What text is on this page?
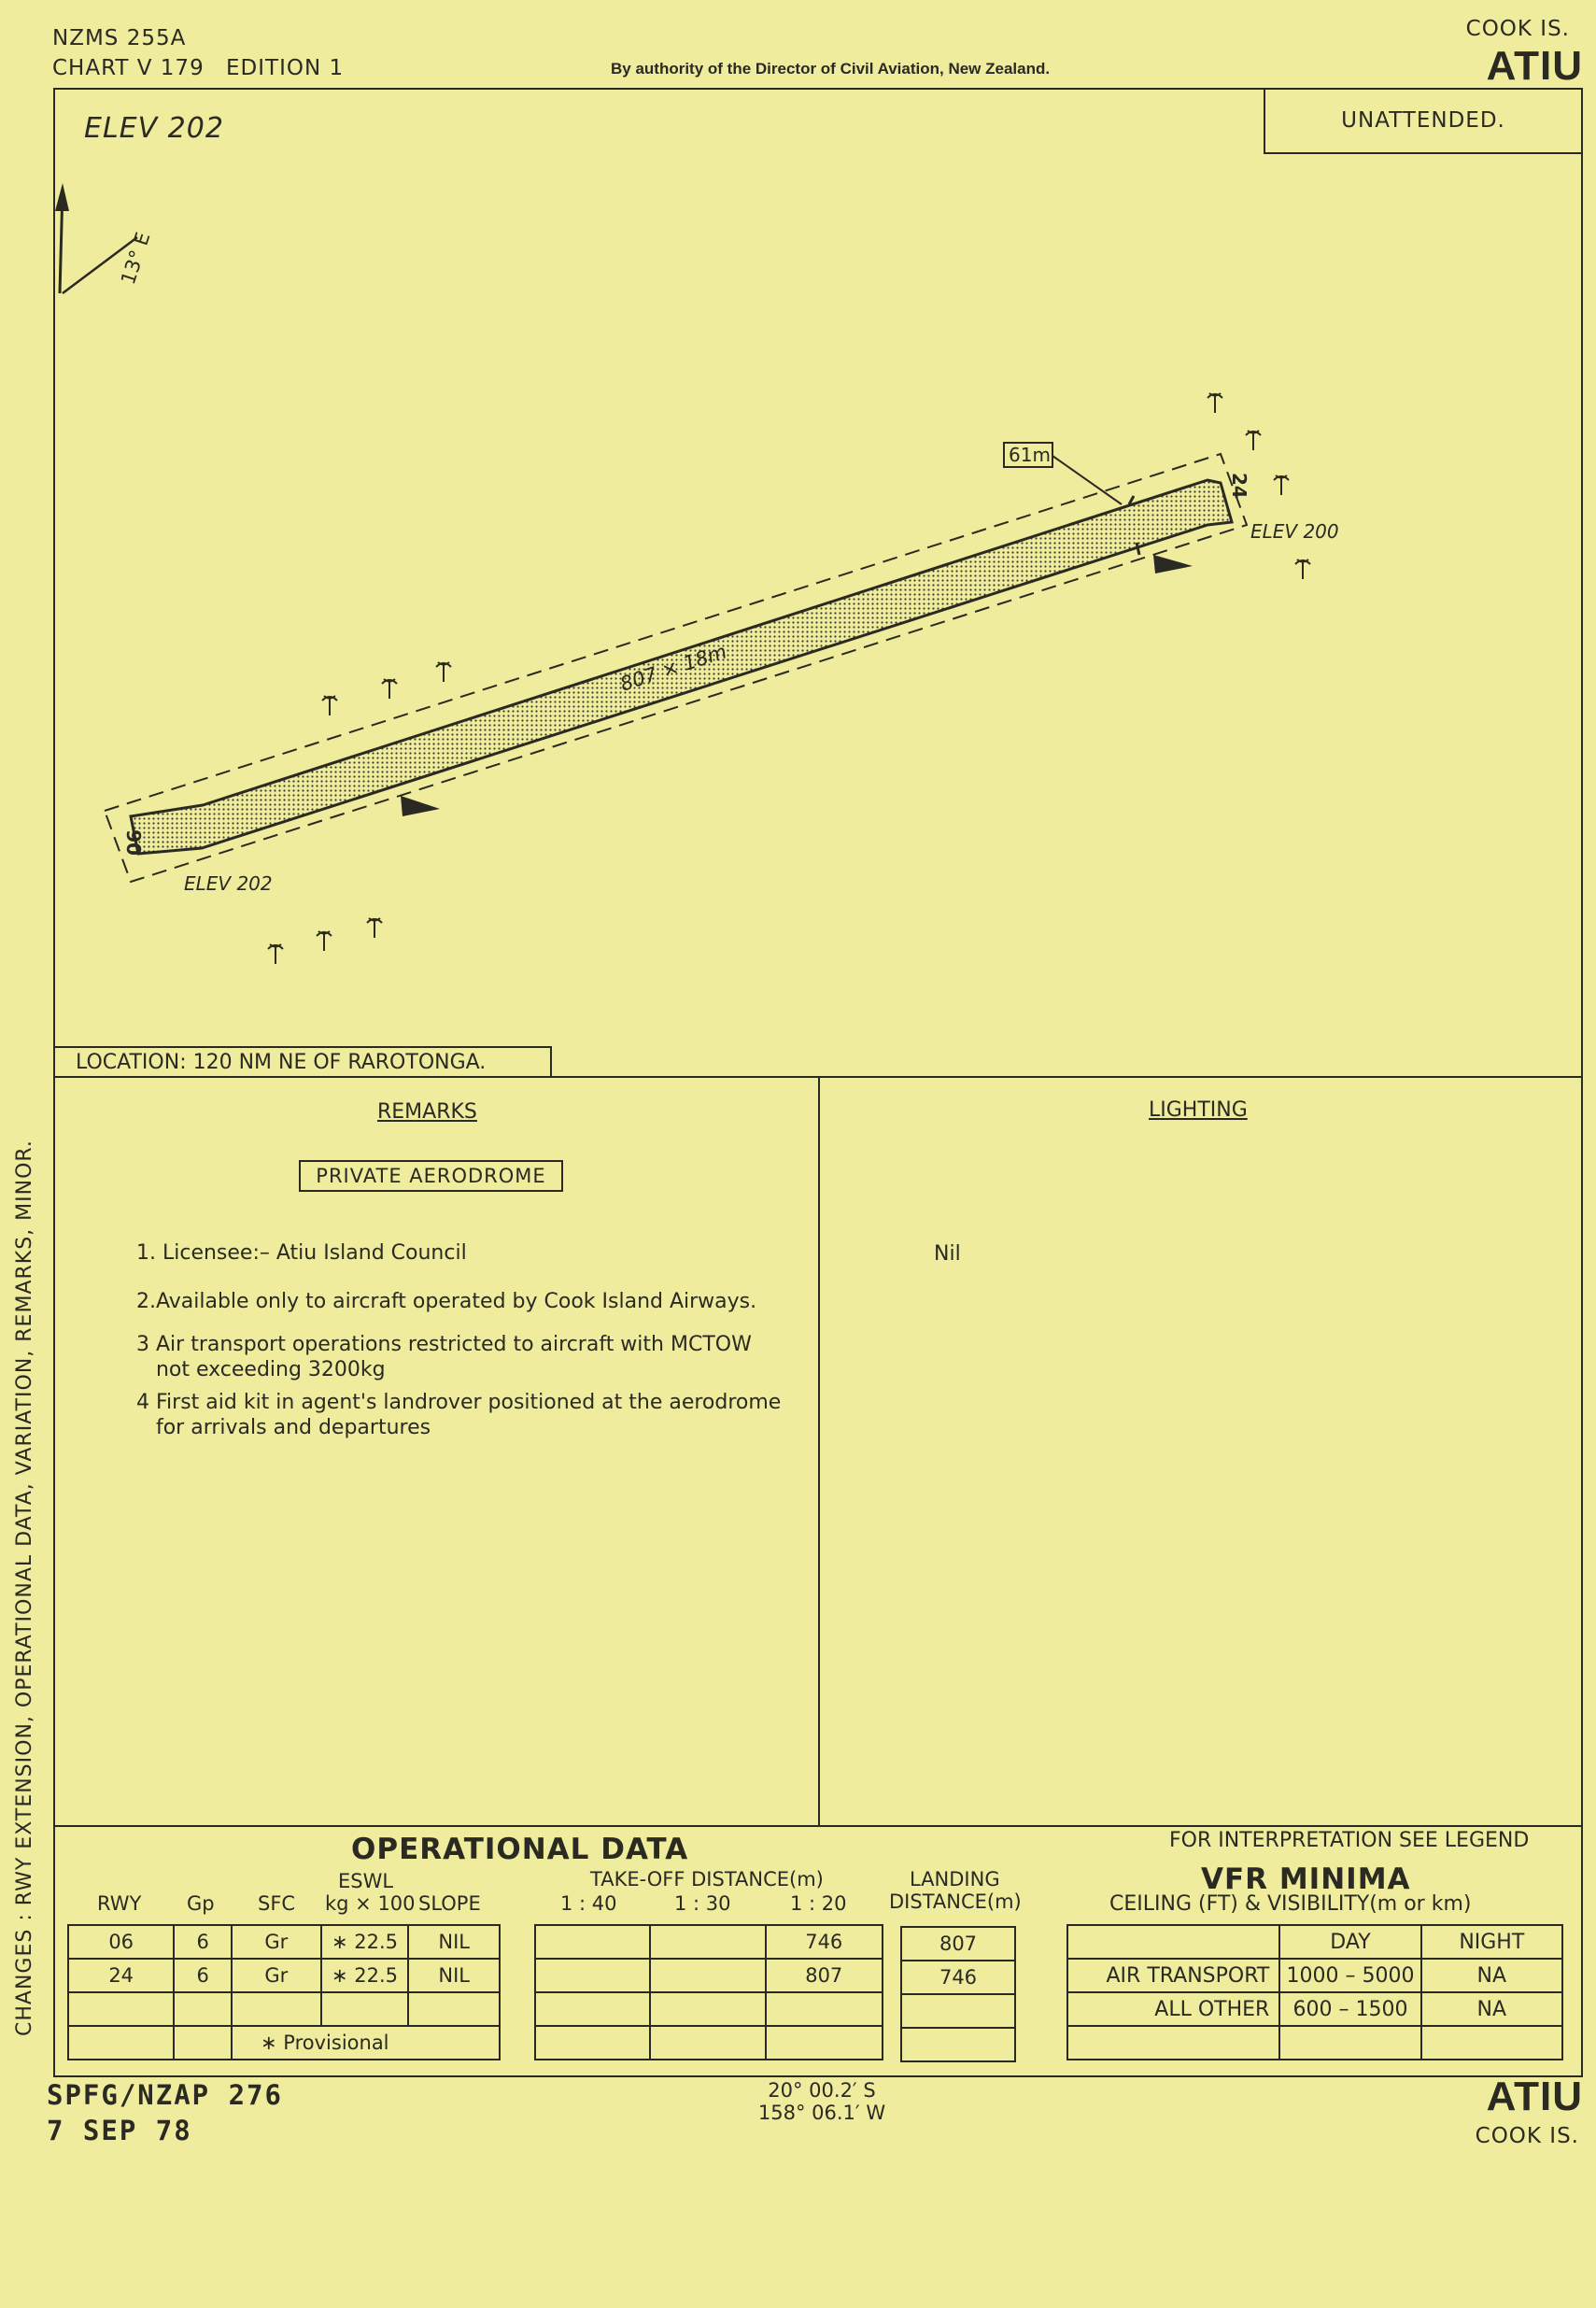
NZMS 255A
CHART V 179 EDITION 1	By authority of the Director of Civil Aviation, New Zealand.
COOK IS.
ATIU
ELEV 202	UNATTENDED.
13° E
61m
807 × 18m
06
24
ELEV 202
ELEV 200
LOCATION: 120 NM NE OF RAROTONGA.
REMARKS
PRIVATE AERODROME
1. Licensee:– Atiu Island Council
2.Available only to aircraft operated by Cook Island Airways.
3 Air transport operations restricted to aircraft with MCTOW
not exceeding 3200kg
4 First aid kit in agent's landrover positioned at the aerodrome
for arrivals and departures
LIGHTING
Nil
CHANGES : RWY EXTENSION, OPERATIONAL DATA, VARIATION, REMARKS, MINOR.	OPERATIONAL DATA
ESWL
RWY Gp SFC kg × 100 SLOPE
06	6	Gr	∗ 22.5	NIL
24	6	Gr	∗ 22.5	NIL

		∗ Provisional		
TAKE-OFF DISTANCE(m)
1 : 40	1 : 30	1 : 20
		746
		807

LANDING
DISTANCE(m)
807
746

FOR INTERPRETATION SEE LEGEND
VFR MINIMA
CEILING (FT) & VISIBILITY(m or km)
	DAY	NIGHT
AIR TRANSPORT	1000 – 5000	NA
ALL OTHER	600 – 1500	NA

SPFG/NZAP 276
7 SEP 78
20° 00.2′ S
158° 06.1′ W	ATIU
COOK IS.
